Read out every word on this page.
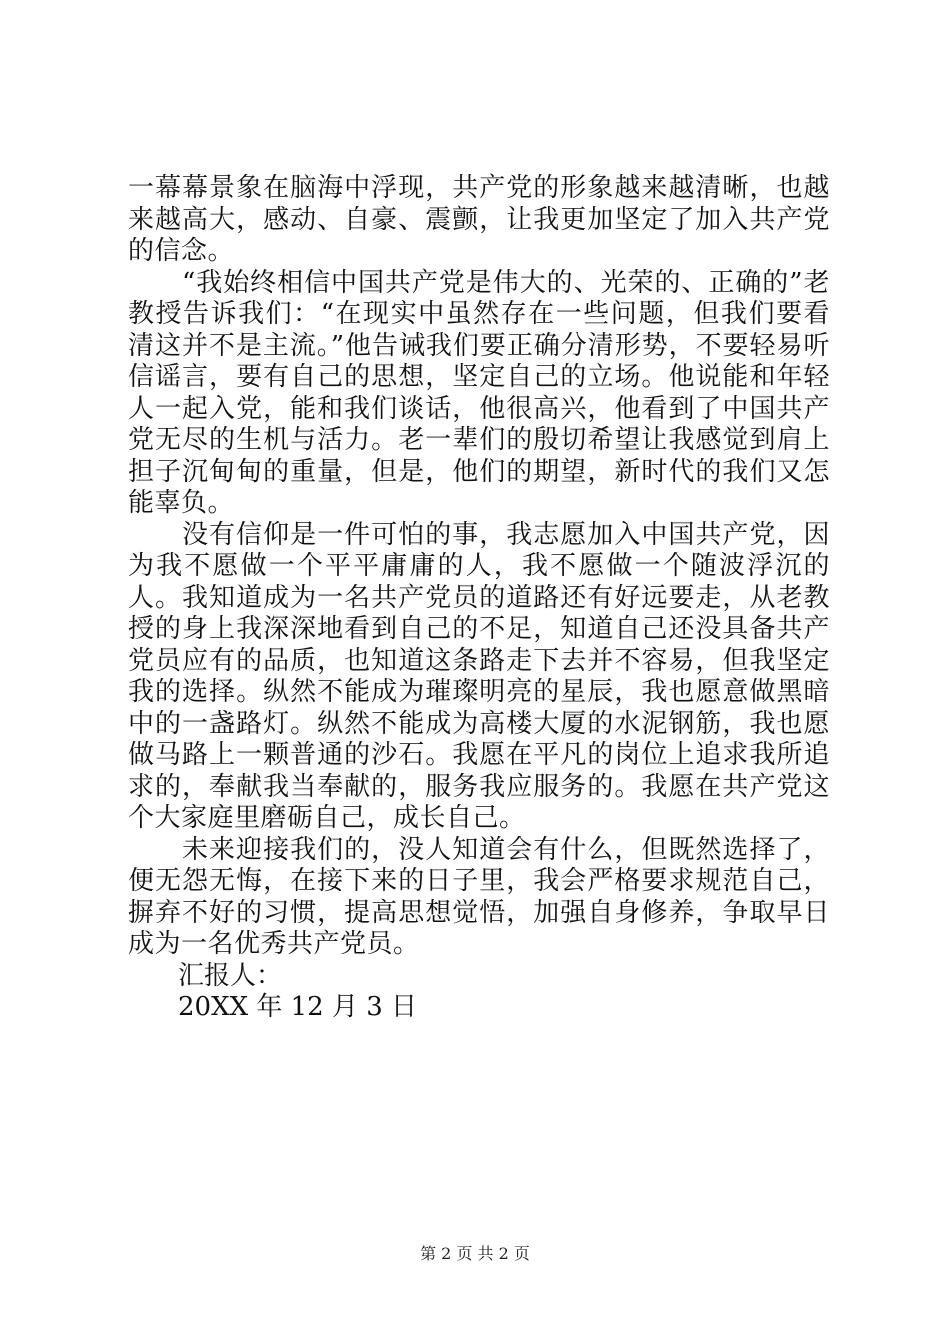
一幕幕景象在脑海中浮现，共产党的形象越来越清晰，也越来越高大，感动、自豪、震颤，让我更加坚定了加入共产党的信念。

“我始终相信中国共产党是伟大的、光荣的、正确的”老教授告诉我们：“在现实中虽然存在一些问题，但我们要看清这并不是主流。”他告诫我们要正确分清形势，不要轻易听信谣言，要有自己的思想，坚定自己的立场。他说能和年轻人一起入党，能和我们谈话，他很高兴，他看到了中国共产党无尽的生机与活力。老一辈们的殷切希望让我感觉到肩上担子沉甸甸的重量，但是，他们的期望，新时代的我们又怎能辜负。

没有信仰是一件可怕的事，我志愿加入中国共产党，因为我不愿做一个平平庸庸的人，我不愿做一个随波浮沉的人。我知道成为一名共产党员的道路还有好远要走，从老教授的身上我深深地看到自己的不足，知道自己还没具备共产党员应有的品质，也知道这条路走下去并不容易，但我坚定我的选择。纵然不能成为璀璨明亮的星辰，我也愿意做黑暗中的一盏路灯。纵然不能成为高楼大厦的水泥钢筋，我也愿做马路上一颗普通的沙石。我愿在平凡的岗位上追求我所追求的，奉献我当奉献的，服务我应服务的。我愿在共产党这个大家庭里磨砺自己，成长自己。

未来迎接我们的，没人知道会有什么，但既然选择了，便无怨无悔，在接下来的日子里，我会严格要求规范自己，摒弃不好的习惯，提高思想觉悟，加强自身修养，争取早日成为一名优秀共产党员。

汇报人：

20XX 年 12 月 3 日

第 2 页 共 2 页
